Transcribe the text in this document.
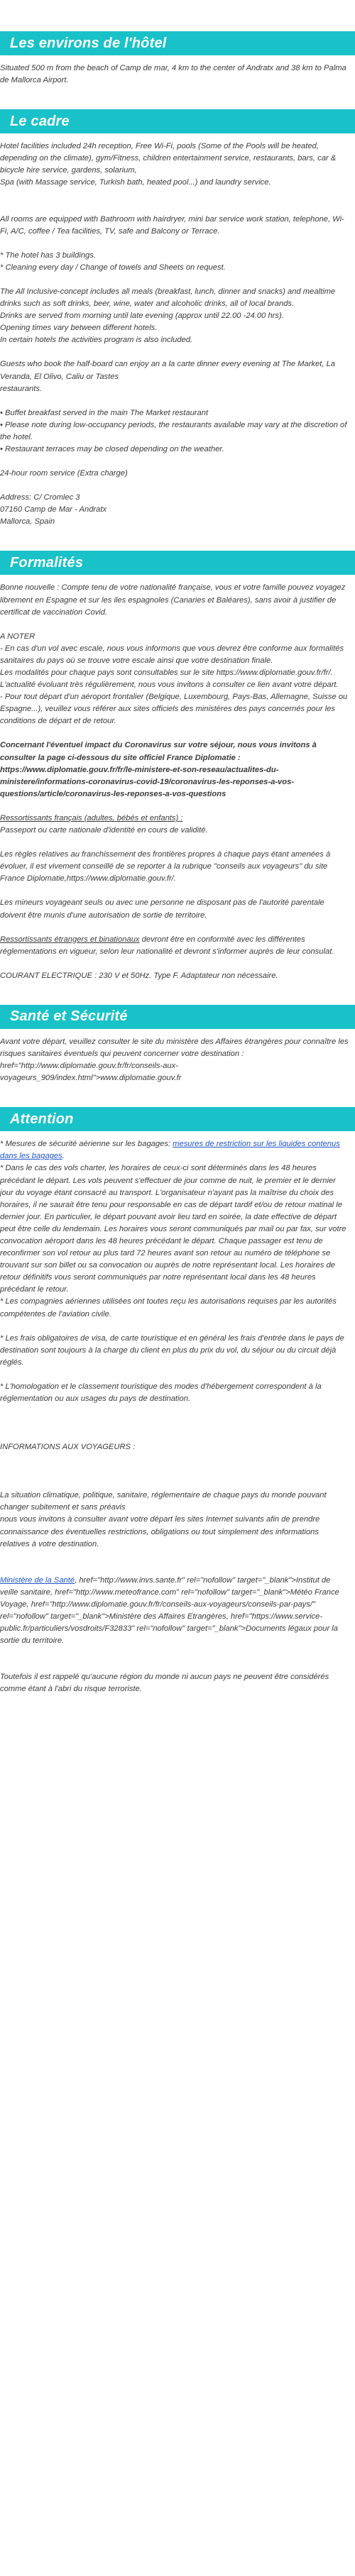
Les environs de l'hôtel

Situated 500 m from the beach of Camp de mar, 4 km to the center of Andratx and 38 km to Palma de Mallorca Airport.

Le cadre

Hotel facilities included 24h reception, Free Wi-Fi, pools (Some of the Pools will be heated, depending on the climate), gym/Fitness, children entertainment service, restaurants, bars, car & bicycle hire service, gardens, solarium,

Spa (with Massage service, Turkish bath, heated pool...) and laundry service.

All rooms are equipped with Bathroom with hairdryer, mini bar service work station, telephone, Wi-Fi, A/C, coffee / Tea facilities, TV, safe and Balcony or Terrace.

* The hotel has 3 buildings.

* Cleaning every day / Change of towels and Sheets on request.

The All Inclusive-concept includes all meals (breakfast, lunch, dinner and snacks) and mealtime drinks such as soft drinks, beer, wine, water and alcoholic drinks, all of local brands.

Drinks are served from morning until late evening (approx until 22.00 -24.00 hrs).

Opening times vary between different hotels.

In certain hotels the activities program is also included.

Guests who book the half-board can enjoy an a la carte dinner every evening at The Market, La Veranda, El Olivo, Caliu or Tastes

restaurants.

• Buffet breakfast served in the main The Market restaurant
• Please note during low-occupancy periods, the restaurants available may vary at the discretion of the hotel.
• Restaurant terraces may be closed depending on the weather.

24-hour room service (Extra charge)

Address: C/ Cromlec 3

07160 Camp de Mar - Andratx

Mallorca, Spain

Formalités

Bonne nouvelle : Compte tenu de votre nationalité française, vous et votre famille pouvez voyagez librement en Espagne et sur les iles espagnoles (Canaries et Baléares), sans avoir à justifier de certificat de vaccination Covid.

A NOTER

- En cas d'un vol avec escale, nous vous informons que vous devrez être conforme aux formalités sanitaires du pays où se trouve votre escale ainsi que votre destination finale.

Les modalités pour chaque pays sont consultables sur le site https://www.diplomatie.gouv.fr/fr/. L'actualité évoluant très régulièrement, nous vous invitons à consulter ce lien avant votre départ.

- Pour tout départ d'un aéroport frontalier (Belgique, Luxembourg, Pays-Bas, Allemagne, Suisse ou Espagne...), veuillez vous référer aux sites officiels des ministères des pays concernés pour les conditions de départ et de retour.

Concernant l'éventuel impact du Coronavirus sur votre séjour, nous vous invitons à consulter la page ci-dessous du site officiel France Diplomatie : https://www.diplomatie.gouv.fr/fr/le-ministere-et-son-reseau/actualites-du-ministere/informations-coronavirus-covid-19/coronavirus-les-reponses-a-vos-questions/article/coronavirus-les-reponses-a-vos-questions

Ressortissants français (adultes, bébés et enfants) :

Passeport ou carte nationale d'identité en cours de validité.

Les règles relatives au franchissement des frontières propres à chaque pays étant amenées à évoluer, il est vivement conseillé de se reporter à la rubrique "conseils aux voyageurs" du site France Diplomatie,https://www.diplomatie.gouv.fr/.

Les mineurs voyageant seuls ou avec une personne ne disposant pas de l'autorité parentale doivent être munis d'une autorisation de sortie de territoire.

Ressortissants étrangers et binationaux devront être en conformité avec les différentes réglementations en vigueur, selon leur nationalité et devront s'informer auprès de leur consulat.

COURANT ELECTRIQUE : 230 V et 50Hz. Type F. Adaptateur non nécessaire.

Santé et Sécurité

Avant votre départ, veuillez consulter le site du ministère des Affaires étrangères pour connaître les risques sanitaires éventuels qui peuvent concerner votre destination : href="http://www.diplomatie.gouv.fr/fr/conseils-aux-voyageurs_909/index.html">www.diplomatie.gouv.fr

Attention

* Mesures de sécurité aérienne sur les bagages: mesures de restriction sur les liquides contenus dans les bagages.

* Dans le cas des vols charter, les horaires de ceux-ci sont déterminés dans les 48 heures précédant le départ. Les vols peuvent s'effectuer de jour comme de nuit, le premier et le dernier jour du voyage étant consacré au transport. L'organisateur n'ayant pas la maîtrise du choix des horaires, il ne saurait être tenu pour responsable en cas de départ tardif et/ou de retour matinal le dernier jour. En particulier, le départ pouvant avoir lieu tard en soirée, la date effective de départ peut être celle du lendemain. Les horaires vous seront communiqués par mail ou par fax, sur votre convocation aéroport dans les 48 heures précédant le départ. Chaque passager est tenu de reconfirmer son vol retour au plus tard 72 heures avant son retour au numéro de téléphone se trouvant sur son billet ou sa convocation ou auprès de notre représentant local. Les horaires de retour définitifs vous seront communiqués par notre représentant local dans les 48 heures précédant le retour.

* Les compagnies aériennes utilisées ont toutes reçu les autorisations requises par les autorités compétentes de l'aviation civile.

* Les frais obligatoires de visa, de carte touristique et en général les frais d'entrée dans le pays de destination sont toujours à la charge du client en plus du prix du vol, du séjour ou du circuit déjà réglés.

* L'homologation et le classement touristique des modes d'hébergement correspondent à la réglementation ou aux usages du pays de destination.

INFORMATIONS AUX VOYAGEURS :

La situation climatique, politique, sanitaire, réglementaire de chaque pays du monde pouvant changer subitement et sans préavis

nous vous invitons à consulter avant votre départ les sites Internet suivants afin de prendre connaissance des éventuelles restrictions, obligations ou tout simplement des informations relatives à votre destination.

Ministère de la Santé, href="http://www.invs.sante.fr" rel="nofollow" target="_blank">Institut de veille sanitaire, href="http://www.meteofrance.com" rel="nofollow" target="_blank">Météo France Voyage, href="http://www.diplomatie.gouv.fr/fr/conseils-aux-voyageurs/conseils-par-pays/" rel="nofollow" target="_blank">Ministère des Affaires Etrangères, href="https://www.service-public.fr/particuliers/vosdroits/F32833" rel="nofollow" target="_blank">Documents légaux pour la sortie du territoire.

Toutefois il est rappelé qu'aucune région du monde ni aucun pays ne peuvent être considérés comme étant à l'abri du risque terroriste.
